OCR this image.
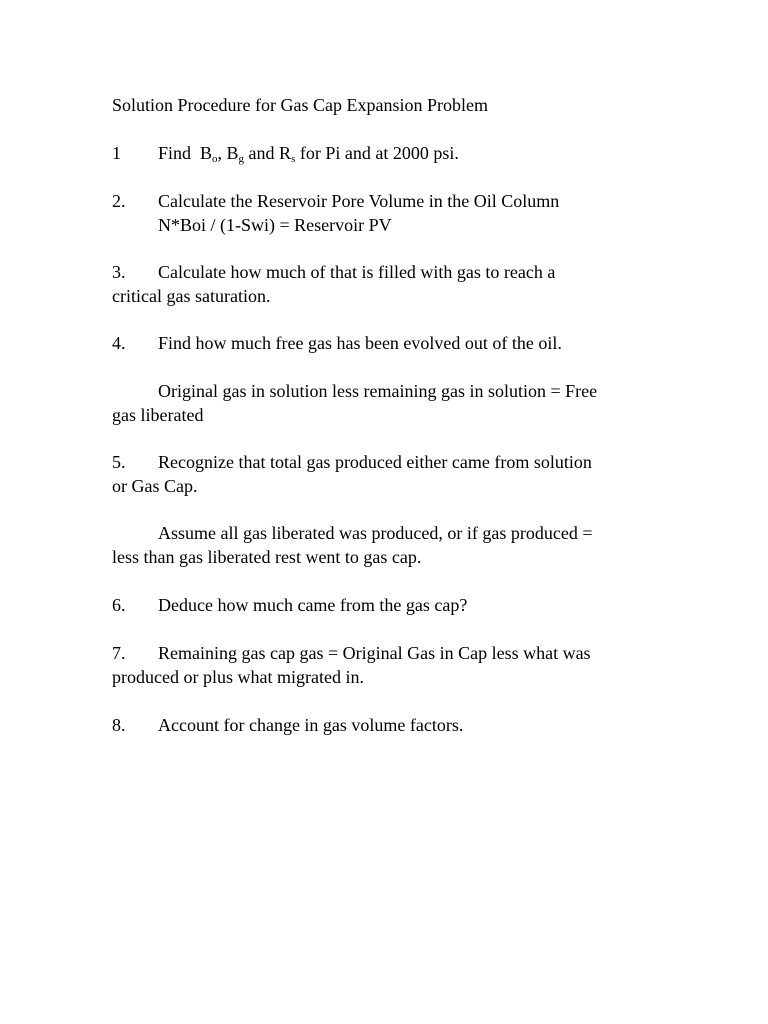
Solution Procedure for Gas Cap Expansion Problem
1 Find $B_o$, $B_g$ and $R_s$ for Pi and at 2000 psi.
2. Calculate the Reservoir Pore Volume in the Oil Column
N*Boi / (1-Swi) = Reservoir PV
3. Calculate how much of that is filled with gas to reach a
critical gas saturation.
4. Find how much free gas has been evolved out of the oil.
Original gas in solution less remaining gas in solution = Free
gas liberated
5. Recognize that total gas produced either came from solution
or Gas Cap.
Assume all gas liberated was produced, or if gas produced =
less than gas liberated rest went to gas cap.
6. Deduce how much came from the gas cap?
7. Remaining gas cap gas = Original Gas in Cap less what was
produced or plus what migrated in.
8. Account for change in gas volume factors.
